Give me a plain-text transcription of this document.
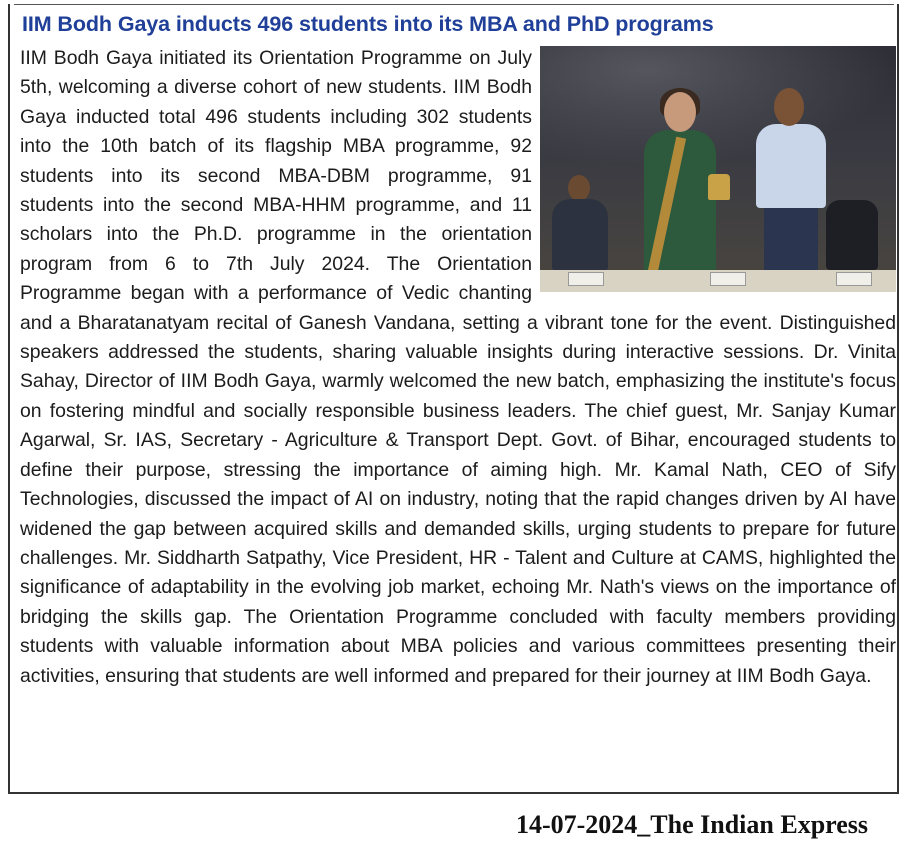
IIM Bodh Gaya inducts 496 students into its MBA and PhD programs
IIM Bodh Gaya initiated its Orientation Programme on July 5th, welcoming a diverse cohort of new students. IIM Bodh Gaya inducted total 496 students including 302 students into the 10th batch of its flagship MBA programme, 92 students into its second MBA-DBM programme, 91 students into the second MBA-HHM programme, and 11 scholars into the Ph.D. programme in the orientation program from 6 to 7th July 2024. The Orientation Programme began with a performance of Vedic chanting and a Bharatanatyam recital of Ganesh Vandana, setting a vibrant tone for the event. Distinguished speakers addressed the students, sharing valuable insights during interactive sessions. Dr. Vinita Sahay, Director of IIM Bodh Gaya, warmly welcomed the new batch, emphasizing the institute's focus on fostering mindful and socially responsible business leaders. The chief guest, Mr. Sanjay Kumar Agarwal, Sr. IAS, Secretary - Agriculture & Transport Dept. Govt. of Bihar, encouraged students to define their purpose, stressing the importance of aiming high. Mr. Kamal Nath, CEO of Sify Technologies, discussed the impact of AI on industry, noting that the rapid changes driven by AI have widened the gap between acquired skills and demanded skills, urging students to prepare for future challenges. Mr. Siddharth Satpathy, Vice President, HR - Talent and Culture at CAMS, highlighted the significance of adaptability in the evolving job market, echoing Mr. Nath's views on the importance of bridging the skills gap. The Orientation Programme concluded with faculty members providing students with valuable information about MBA policies and various committees presenting their activities, ensuring that students are well informed and prepared for their journey at IIM Bodh Gaya.

14-07-2024_The Indian Express
